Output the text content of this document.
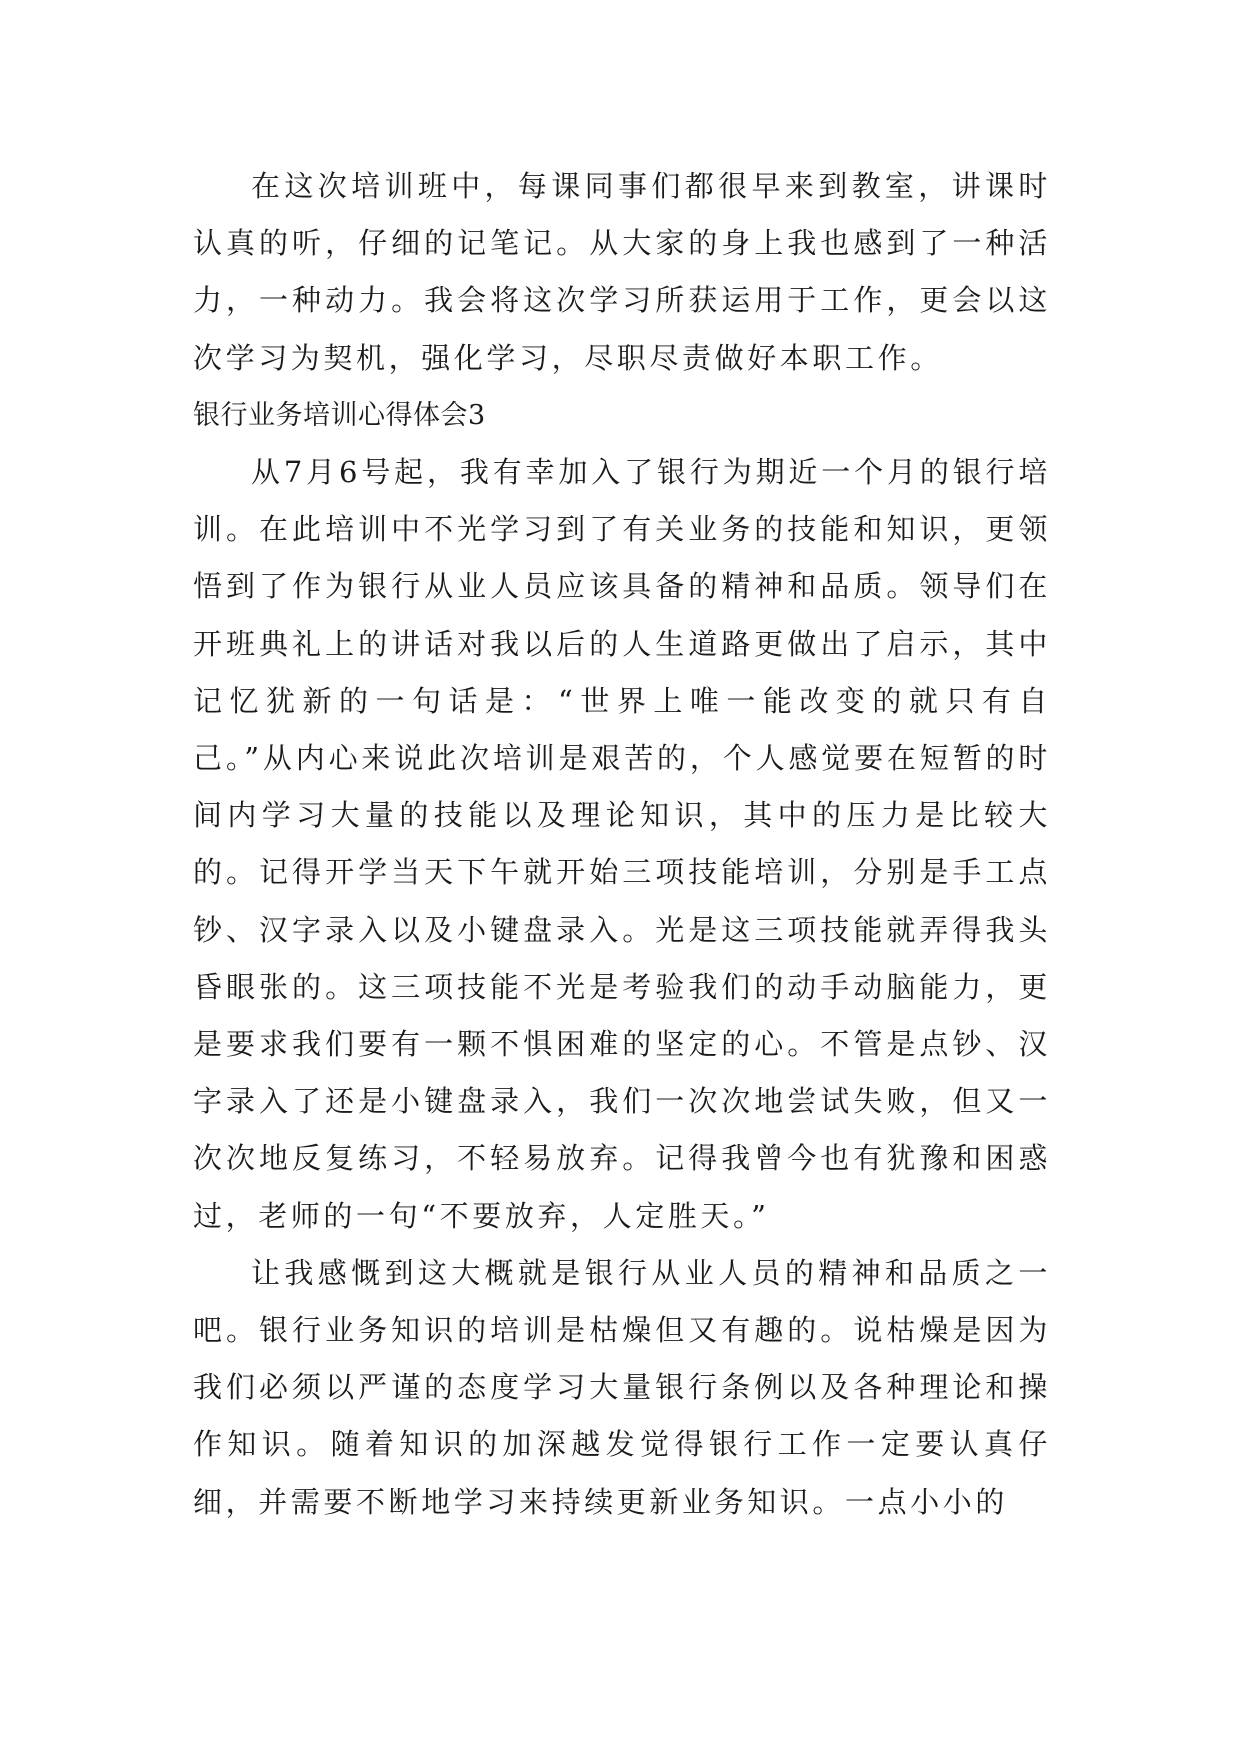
在这次培训班中，每课同事们都很早来到教室，讲课时认真的听，仔细的记笔记。从大家的身上我也感到了一种活力，一种动力。我会将这次学习所获运用于工作，更会以这次学习为契机，强化学习，尽职尽责做好本职工作。

银行业务培训心得体会3

从7月6号起，我有幸加入了银行为期近一个月的银行培训。在此培训中不光学习到了有关业务的技能和知识，更领悟到了作为银行从业人员应该具备的精神和品质。领导们在开班典礼上的讲话对我以后的人生道路更做出了启示，其中记忆犹新的一句话是：“世界上唯一能改变的就只有自己。”从内心来说此次培训是艰苦的，个人感觉要在短暂的时间内学习大量的技能以及理论知识，其中的压力是比较大的。记得开学当天下午就开始三项技能培训，分别是手工点钞、汉字录入以及小键盘录入。光是这三项技能就弄得我头昏眼张的。这三项技能不光是考验我们的动手动脑能力，更是要求我们要有一颗不惧困难的坚定的心。不管是点钞、汉字录入了还是小键盘录入，我们一次次地尝试失败，但又一次次地反复练习，不轻易放弃。记得我曾今也有犹豫和困惑过，老师的一句“不要放弃，人定胜天。”

让我感慨到这大概就是银行从业人员的精神和品质之一吧。银行业务知识的培训是枯燥但又有趣的。说枯燥是因为我们必须以严谨的态度学习大量银行条例以及各种理论和操作知识。随着知识的加深越发觉得银行工作一定要认真仔细，并需要不断地学习来持续更新业务知识。一点小小的
